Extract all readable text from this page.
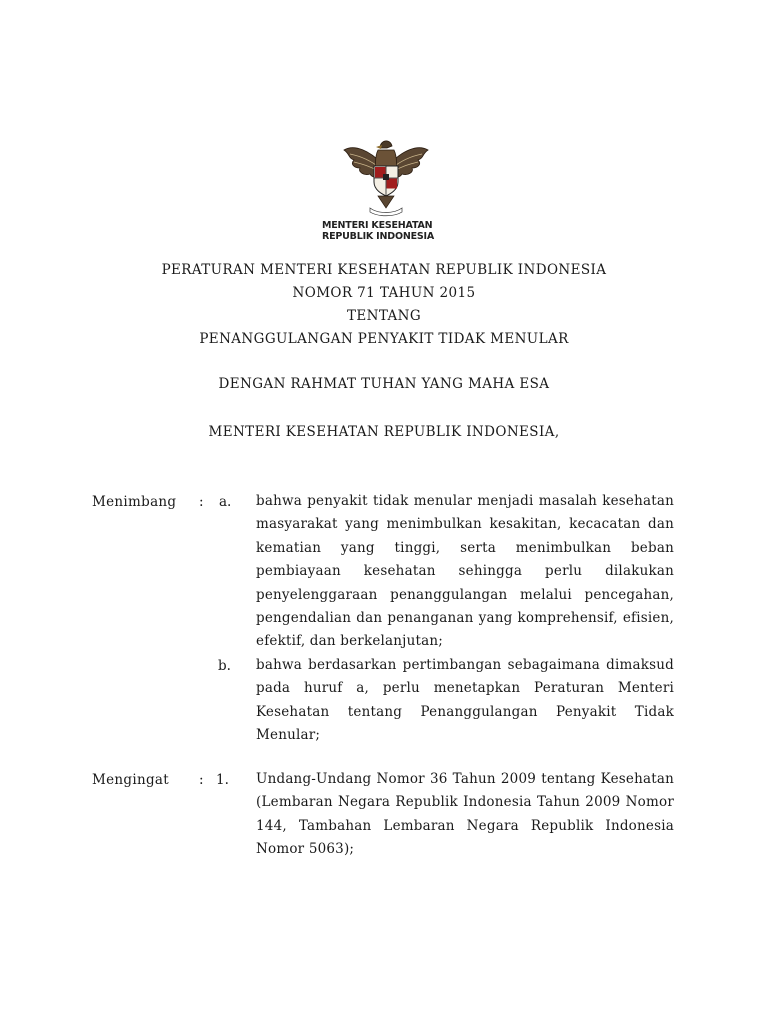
MENTERI KESEHATAN
REPUBLIK INDONESIA
PERATURAN MENTERI KESEHATAN REPUBLIK INDONESIA
NOMOR 71 TAHUN 2015
TENTANG
PENANGGULANGAN PENYAKIT TIDAK MENULAR
DENGAN RAHMAT TUHAN YANG MAHA ESA
MENTERI KESEHATAN REPUBLIK INDONESIA,
Menimbang : a. bahwa penyakit tidak menular menjadi masalah kesehatan masyarakat yang menimbulkan kesakitan, kecacatan dan kematian yang tinggi, serta menimbulkan beban pembiayaan kesehatan sehingga perlu dilakukan penyelenggaraan penanggulangan melalui pencegahan, pengendalian dan penanganan yang komprehensif, efisien, efektif, dan berkelanjutan;

b. bahwa berdasarkan pertimbangan sebagaimana dimaksud pada huruf a, perlu menetapkan Peraturan Menteri Kesehatan tentang Penanggulangan Penyakit Tidak Menular;

Mengingat : 1. Undang-Undang Nomor 36 Tahun 2009 tentang Kesehatan (Lembaran Negara Republik Indonesia Tahun 2009 Nomor 144, Tambahan Lembaran Negara Republik Indonesia Nomor 5063);
